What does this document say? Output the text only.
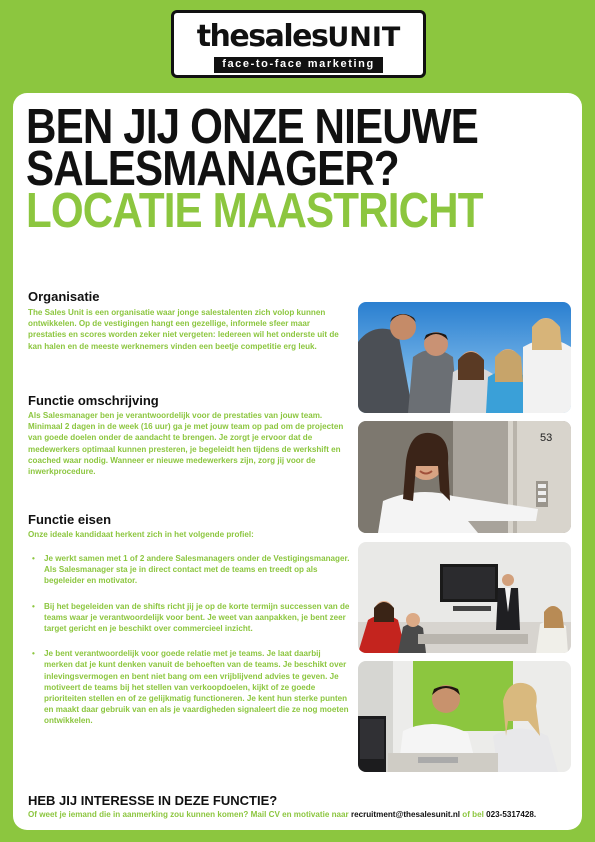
thesalesUNIT
face-to-face marketing
BEN JIJ ONZE NIEUWE
SALESMANAGER?
LOCATIE MAASTRICHT
Organisatie

The Sales Unit is een organisatie waar jonge salestalenten zich volop kunnen ontwikkelen. Op de vestigingen hangt een gezellige, informele sfeer maar prestaties en scores worden zeker niet vergeten: Iedereen wil het onderste uit de kan halen en de meeste werknemers vinden een beetje competitie erg leuk.

Functie omschrijving

Als Salesmanager ben je verantwoordelijk voor de prestaties van jouw team. Minimaal 2 dagen in de week (16 uur) ga je met jouw team op pad om de projecten van goede doelen onder de aandacht te brengen. Je zorgt je ervoor dat de medewerkers optimaal kunnen presteren, je begeleidt hen tijdens de werkshift en coached waar nodig. Wanneer er nieuwe medewerkers zijn, zorg jij voor de inwerkprocedure.

Functie eisen

Onze ideale kandidaat herkent zich in het volgende profiel:

• Je werkt samen met 1 of 2 andere Salesmanagers onder de Vestigingsmanager. Als Salesmanager sta je in direct contact met de teams en treedt op als begeleider en motivator.
• Bij het begeleiden van de shifts richt jij je op de korte termijn successen van de teams waar je verantwoordelijk voor bent. Je weet van aanpakken, je bent zeer target gericht en je beschikt over commercieel inzicht.
• Je bent verantwoordelijk voor goede relatie met je teams. Je laat daarbij merken dat je kunt denken vanuit de behoeften van de teams. Je beschikt over inlevingsvermogen en bent niet bang om een vrijblijvend advies te geven. Je motiveert de teams bij het stellen van verkoopdoelen, kijkt of ze goede prioriteiten stellen en of ze gelijkmatig functioneren. Je kent hun sterke punten en maakt daar gebruik van en als je vaardigheden signaleert die ze nog moeten ontwikkelen.
53
HEB JIJ INTERESSE IN DEZE FUNCTIE?

Of weet je iemand die in aanmerking zou kunnen komen? Mail CV en motivatie naar recruitment@thesalesunit.nl of bel 023-5317428.
